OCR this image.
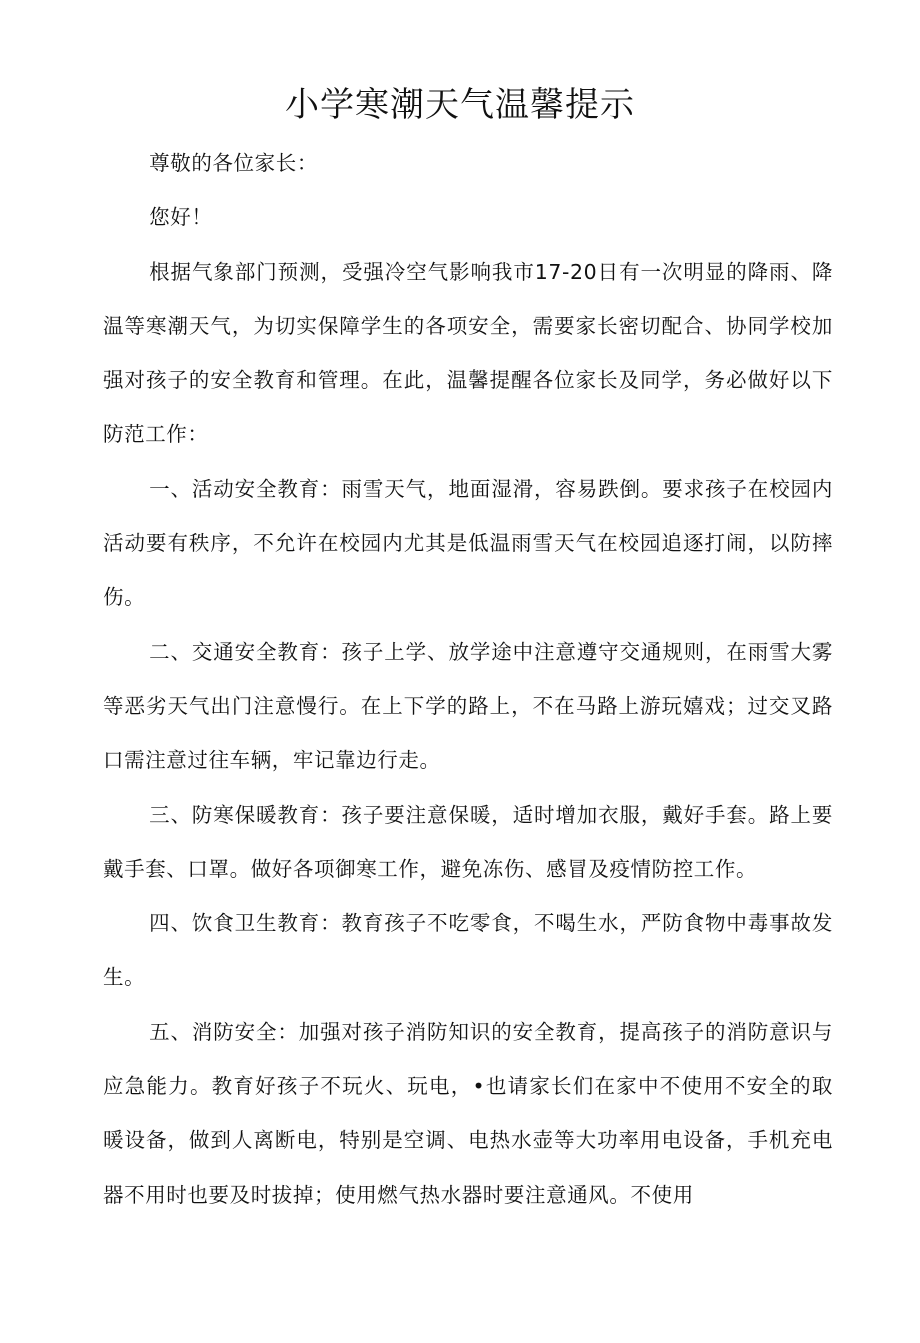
小学寒潮天气温馨提示

尊敬的各位家长：

您好！

根据气象部门预测，受强冷空气影响我市17-20日有一次明显的降雨、降温等寒潮天气，为切实保障学生的各项安全，需要家长密切配合、协同学校加强对孩子的安全教育和管理。在此，温馨提醒各位家长及同学，务必做好以下防范工作：

一、活动安全教育：雨雪天气，地面湿滑，容易跌倒。要求孩子在校园内活动要有秩序，不允许在校园内尤其是低温雨雪天气在校园追逐打闹，以防摔伤。

二、交通安全教育：孩子上学、放学途中注意遵守交通规则，在雨雪大雾等恶劣天气出门注意慢行。在上下学的路上，不在马路上游玩嬉戏；过交叉路口需注意过往车辆，牢记靠边行走。

三、防寒保暖教育：孩子要注意保暖，适时增加衣服，戴好手套。路上要戴手套、口罩。做好各项御寒工作，避免冻伤、感冒及疫情防控工作。

四、饮食卫生教育：教育孩子不吃零食，不喝生水，严防食物中毒事故发生。

五、消防安全：加强对孩子消防知识的安全教育，提高孩子的消防意识与应急能力。教育好孩子不玩火、玩电，•也请家长们在家中不使用不安全的取暖设备，做到人离断电，特别是空调、电热水壶等大功率用电设备，手机充电器不用时也要及时拔掉；使用燃气热水器时要注意通风。不使用
